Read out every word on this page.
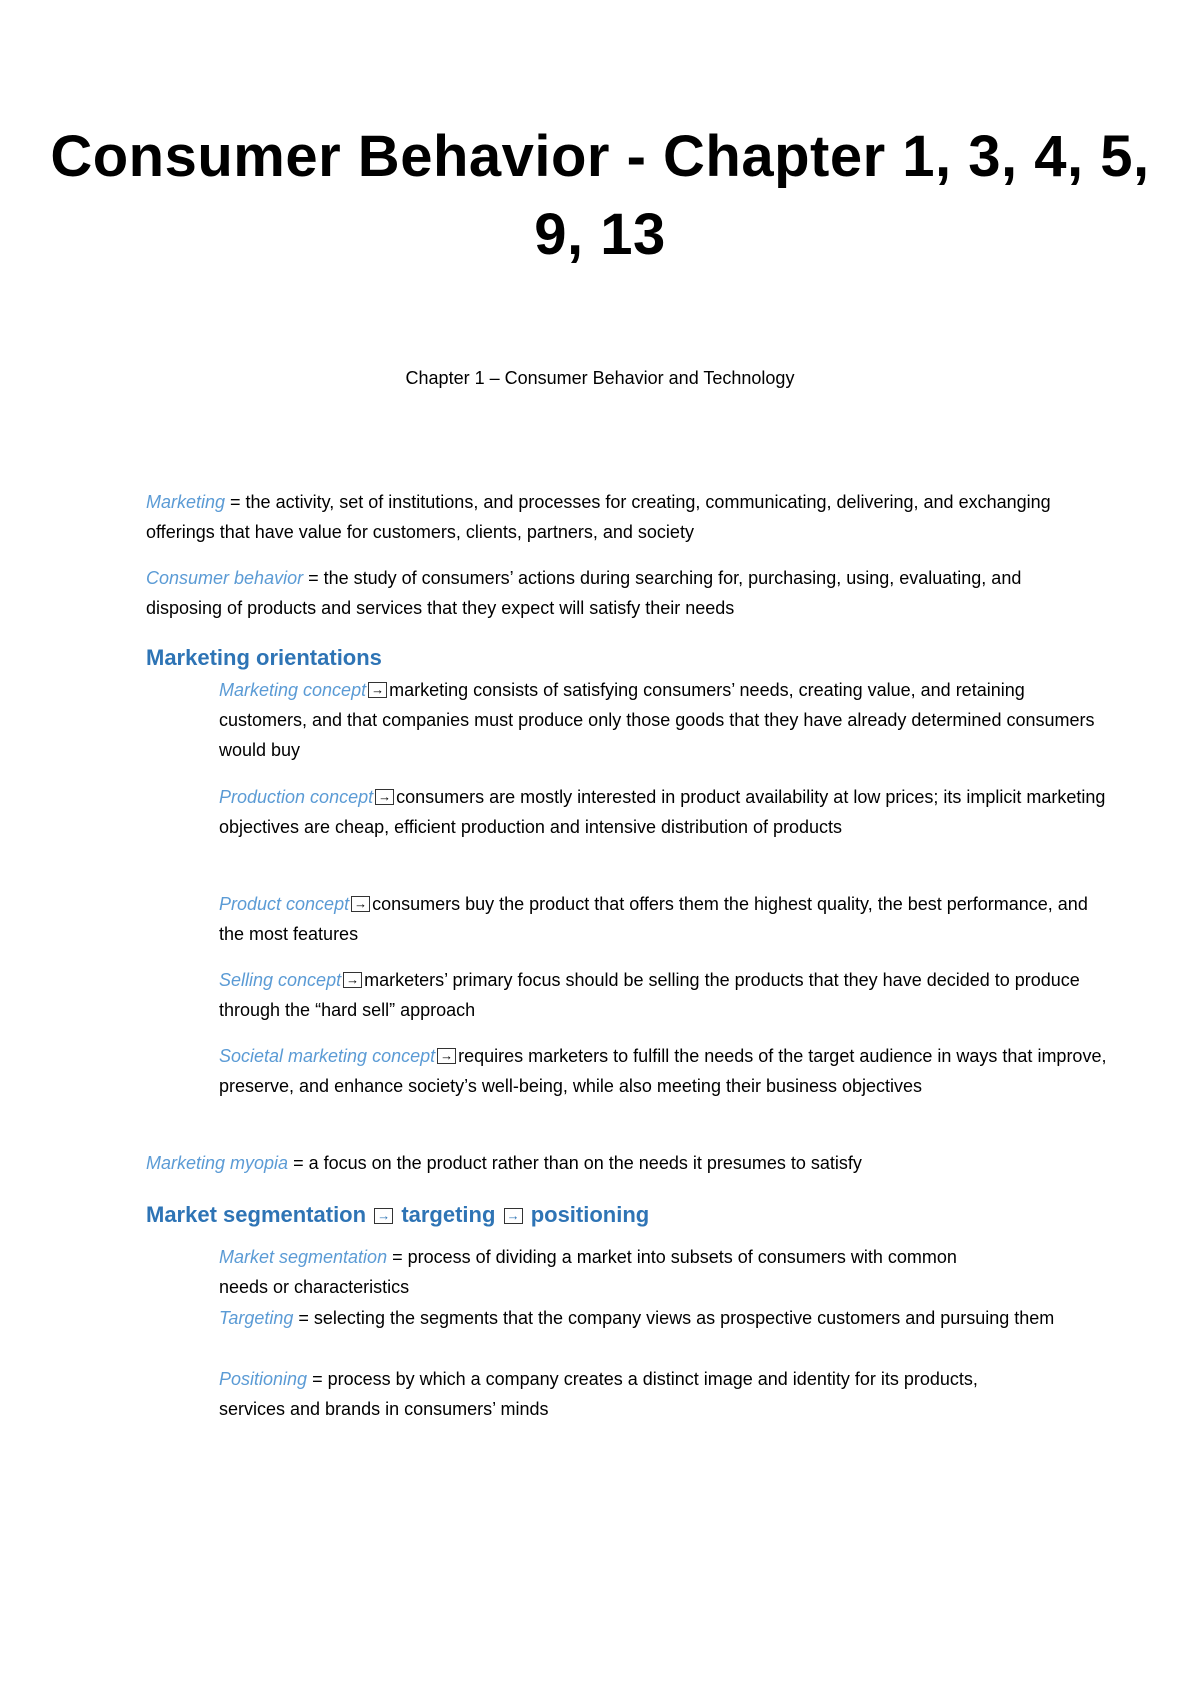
Consumer Behavior - Chapter 1, 3, 4, 5, 9, 13

Chapter 1 – Consumer Behavior and Technology

Marketing = the activity, set of institutions, and processes for creating, communicating, delivering, and exchanging offerings that have value for customers, clients, partners, and society

Consumer behavior = the study of consumers’ actions during searching for, purchasing, using, evaluating, and disposing of products and services that they expect will satisfy their needs

Marketing orientations

Marketing concept → marketing consists of satisfying consumers’ needs, creating value, and retaining customers, and that companies must produce only those goods that they have already determined consumers would buy

Production concept → consumers are mostly interested in product availability at low prices; its implicit marketing objectives are cheap, efficient production and intensive distribution of products

Product concept → consumers buy the product that offers them the highest quality, the best performance, and the most features

Selling concept → marketers’ primary focus should be selling the products that they have decided to produce through the “hard sell” approach

Societal marketing concept → requires marketers to fulfill the needs of the target audience in ways that improve, preserve, and enhance society’s well-being, while also meeting their business objectives

Marketing myopia = a focus on the product rather than on the needs it presumes to satisfy

Market segmentation → targeting → positioning

Market segmentation = process of dividing a market into subsets of consumers with common needs or characteristics

Targeting = selecting the segments that the company views as prospective customers and pursuing them

Positioning = process by which a company creates a distinct image and identity for its products, services and brands in consumers’ minds
